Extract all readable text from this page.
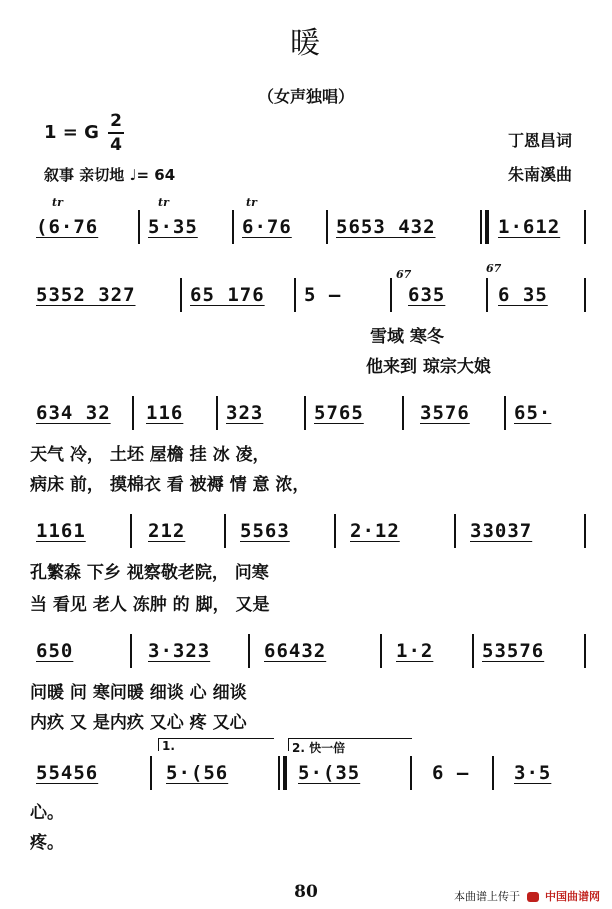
暖
（女声独唱）
1 = G
2
4
叙事 亲切地 ♩= 64
丁恩昌词
朱南溪曲
tr	tr	tr
(6·76	5·35	6·76	5653 432	1·612
67	67
5352 327	65 176	5 –	635	6 35
雪域 寒冬
他来到 琼宗大娘
634 32	116	323	5765	3576	65·
天气 冷， 土坯 屋檐 挂 冰 凌，
病床 前， 摸棉衣 看 被褥 情 意 浓，
1161	212	5563	2·12	33037
孔繁森 下乡 视察敬老院， 问寒
当 看见 老人 冻肿 的 脚， 又是
650	3·323	66432	1·2	53576
问暖 问 寒问暖 细谈 心 细谈
内疚 又 是内疚 又心 疼 又心
1.	2. 快一倍
55456	5·(56	5·(35	6 –	3·5
心。
疼。
80	本曲谱上传于 中国曲谱网
